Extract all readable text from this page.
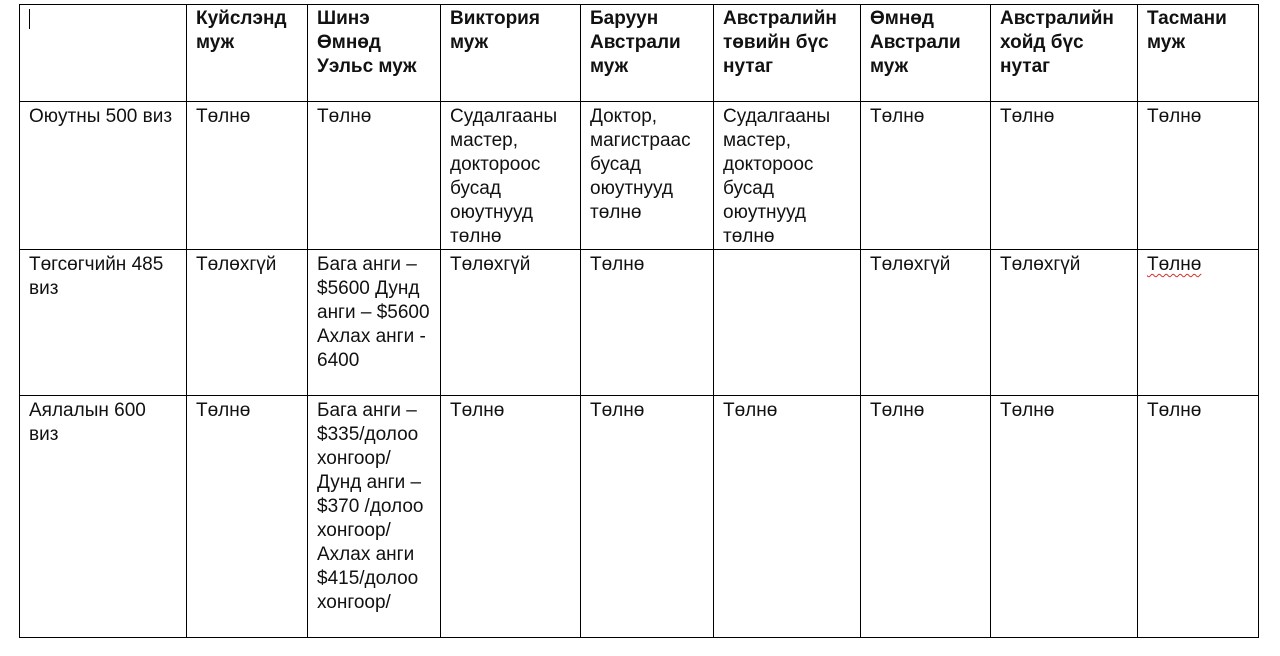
	Куйслэнд муж	Шинэ Өмнөд Уэльс муж	Виктория муж	Баруун Австрали муж	Австралийн төвийн бүс нутаг	Өмнөд Австрали муж	Австралийн хойд бүс нутаг	Тасмани муж
Оюутны 500 виз	Төлнө	Төлнө	Судалгааны мастер, доктороос бусад оюутнууд төлнө	Доктор, магистраас бусад оюутнууд төлнө	Судалгааны мастер, доктороос бусад оюутнууд төлнө	Төлнө	Төлнө	Төлнө
Төгсөгчийн 485 виз	Төлөхгүй	Бага анги – $5600 Дунд анги – $5600 Ахлах анги - 6400	Төлөхгүй	Төлнө		Төлөхгүй	Төлөхгүй	Төлнө
Аялалын 600 виз	Төлнө	Бага анги – $335/долоо хонгоор/ Дунд анги – $370 /долоо хонгоор/ Ахлах анги $415/долоо хонгоор/	Төлнө	Төлнө	Төлнө	Төлнө	Төлнө	Төлнө
